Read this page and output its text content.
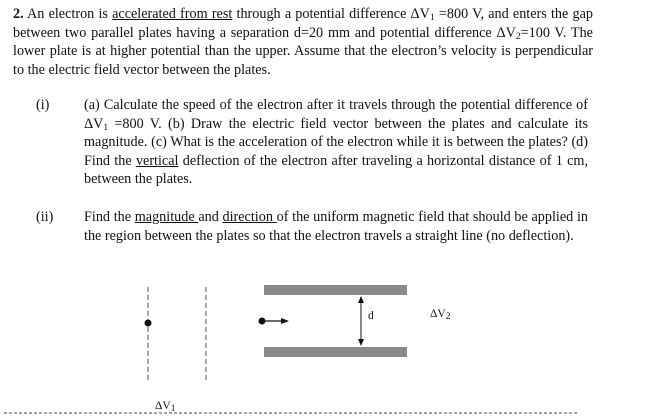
2. An electron is accelerated from rest through a potential difference $\Delta V_1 =800$ V, and enters the gap between two parallel plates having a separation d=20 mm and potential difference $\Delta V_2=100$ V. The lower plate is at higher potential than the upper. Assume that the electron’s velocity is perpendicular to the electric field vector between the plates.
(i) (a) Calculate the speed of the electron after it travels through the potential difference of $\Delta V_1 =800$ V. (b) Draw the electric field vector between the plates and calculate its magnitude. (c) What is the acceleration of the electron while it is between the plates? (d) Find the vertical deflection of the electron after traveling a horizontal distance of 1 cm, between the plates.
(ii) Find the magnitude and direction of the uniform magnetic field that should be applied in the region between the plates so that the electron travels a straight line (no deflection).
d	$\Delta V_2$
$\Delta V_1$
